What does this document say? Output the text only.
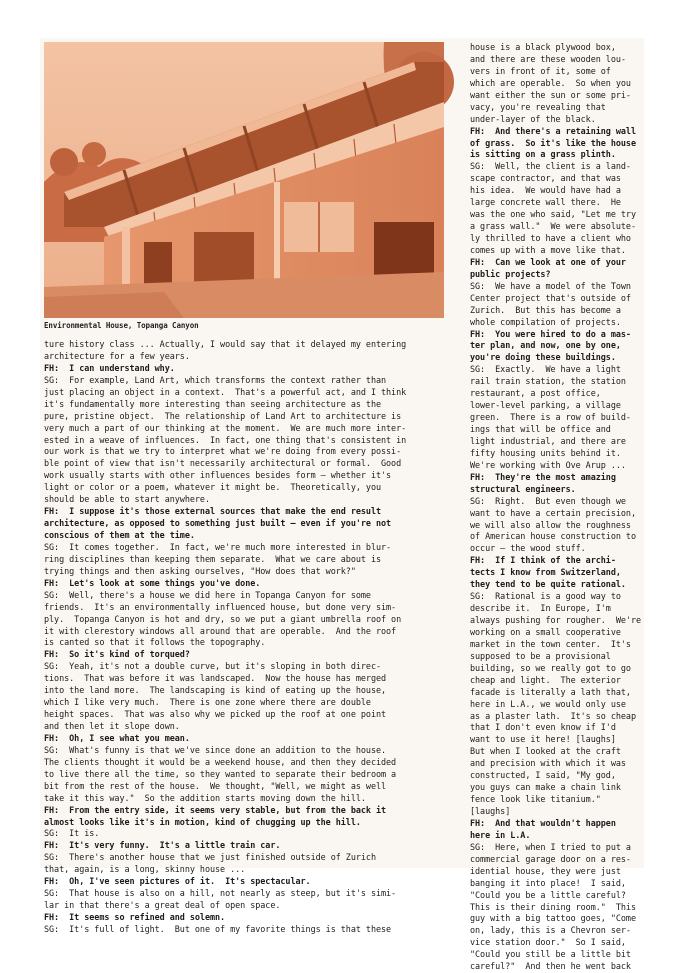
Environmental House, Topanga Canyon
ture history class ... Actually, I would say that it delayed my entering
architecture for a few years.
FH:  I can understand why.
SG:  For example, Land Art, which transforms the context rather than
just placing an object in a context.  That's a powerful act, and I think
it's fundamentally more interesting than seeing architecture as the
pure, pristine object.  The relationship of Land Art to architecture is
very much a part of our thinking at the moment.  We are much more inter-
ested in a weave of influences.  In fact, one thing that's consistent in
our work is that we try to interpret what we're doing from every possi-
ble point of view that isn't necessarily architectural or formal.  Good
work usually starts with other influences besides form – whether it's
light or color or a poem, whatever it might be.  Theoretically, you
should be able to start anywhere.
FH:  I suppose it's those external sources that make the end result
architecture, as opposed to something just built – even if you're not
conscious of them at the time.
SG:  It comes together.  In fact, we're much more interested in blur-
ring disciplines than keeping them separate.  What we care about is
trying things and then asking ourselves, "How does that work?"
FH:  Let's look at some things you've done.
SG:  Well, there's a house we did here in Topanga Canyon for some
friends.  It's an environmentally influenced house, but done very sim-
ply.  Topanga Canyon is hot and dry, so we put a giant umbrella roof on
it with clerestory windows all around that are operable.  And the roof
is canted so that it follows the topography.
FH:  So it's kind of torqued?
SG:  Yeah, it's not a double curve, but it's sloping in both direc-
tions.  That was before it was landscaped.  Now the house has merged
into the land more.  The landscaping is kind of eating up the house,
which I like very much.  There is one zone where there are double
height spaces.  That was also why we picked up the roof at one point
and then let it slope down.
FH:  Oh, I see what you mean.
SG:  What's funny is that we've since done an addition to the house.
The clients thought it would be a weekend house, and then they decided
to live there all the time, so they wanted to separate their bedroom a
bit from the rest of the house.  We thought, "Well, we might as well
take it this way."  So the addition starts moving down the hill.
FH:  From the entry side, it seems very stable, but from the back it
almost looks like it's in motion, kind of chugging up the hill.
SG:  It is.
FH:  It's very funny.  It's a little train car.
SG:  There's another house that we just finished outside of Zurich
that, again, is a long, skinny house ...
FH:  Oh, I've seen pictures of it.  It's spectacular.
SG:  That house is also on a hill, not nearly as steep, but it's simi-
lar in that there's a great deal of open space.
FH:  It seems so refined and solemn.
SG:  It's full of light.  But one of my favorite things is that these
house is a black plywood box,
and there are these wooden lou-
vers in front of it, some of
which are operable.  So when you
want either the sun or some pri-
vacy, you're revealing that
under-layer of the black.
FH:  And there's a retaining wall
of grass.  So it's like the house
is sitting on a grass plinth.
SG:  Well, the client is a land-
scape contractor, and that was
his idea.  We would have had a
large concrete wall there.  He
was the one who said, "Let me try
a grass wall."  We were absolute-
ly thrilled to have a client who
comes up with a move like that.
FH:  Can we look at one of your
public projects?
SG:  We have a model of the Town
Center project that's outside of
Zurich.  But this has become a
whole compilation of projects.
FH:  You were hired to do a mas-
ter plan, and now, one by one,
you're doing these buildings.
SG:  Exactly.  We have a light
rail train station, the station
restaurant, a post office,
lower-level parking, a village
green.  There is a row of build-
ings that will be office and
light industrial, and there are
fifty housing units behind it.
We're working with Ove Arup ...
FH:  They're the most amazing
structural engineers.
SG:  Right.  But even though we
want to have a certain precision,
we will also allow the roughness
of American house construction to
occur – the wood stuff.
FH:  If I think of the archi-
tects I know from Switzerland,
they tend to be quite rational.
SG:  Rational is a good way to
describe it.  In Europe, I'm
always pushing for rougher.  We're
working on a small cooperative
market in the town center.  It's
supposed to be a provisional
building, so we really got to go
cheap and light.  The exterior
facade is literally a lath that,
here in L.A., we would only use
as a plaster lath.  It's so cheap
that I don't even know if I'd
want to use it here! [laughs]
But when I looked at the craft
and precision with which it was
constructed, I said, "My god,
you guys can make a chain link
fence look like titanium."
[laughs]
FH:  And that wouldn't happen
here in L.A.
SG:  Here, when I tried to put a
commercial garage door on a res-
idential house, they were just
banging it into place!  I said,
"Could you be a little careful?
This is their dining room."  This
guy with a big tattoo goes, "Come
on, lady, this is a Chevron ser-
vice station door."  So I said,
"Could you still be a little bit
careful?"  And then he went back
